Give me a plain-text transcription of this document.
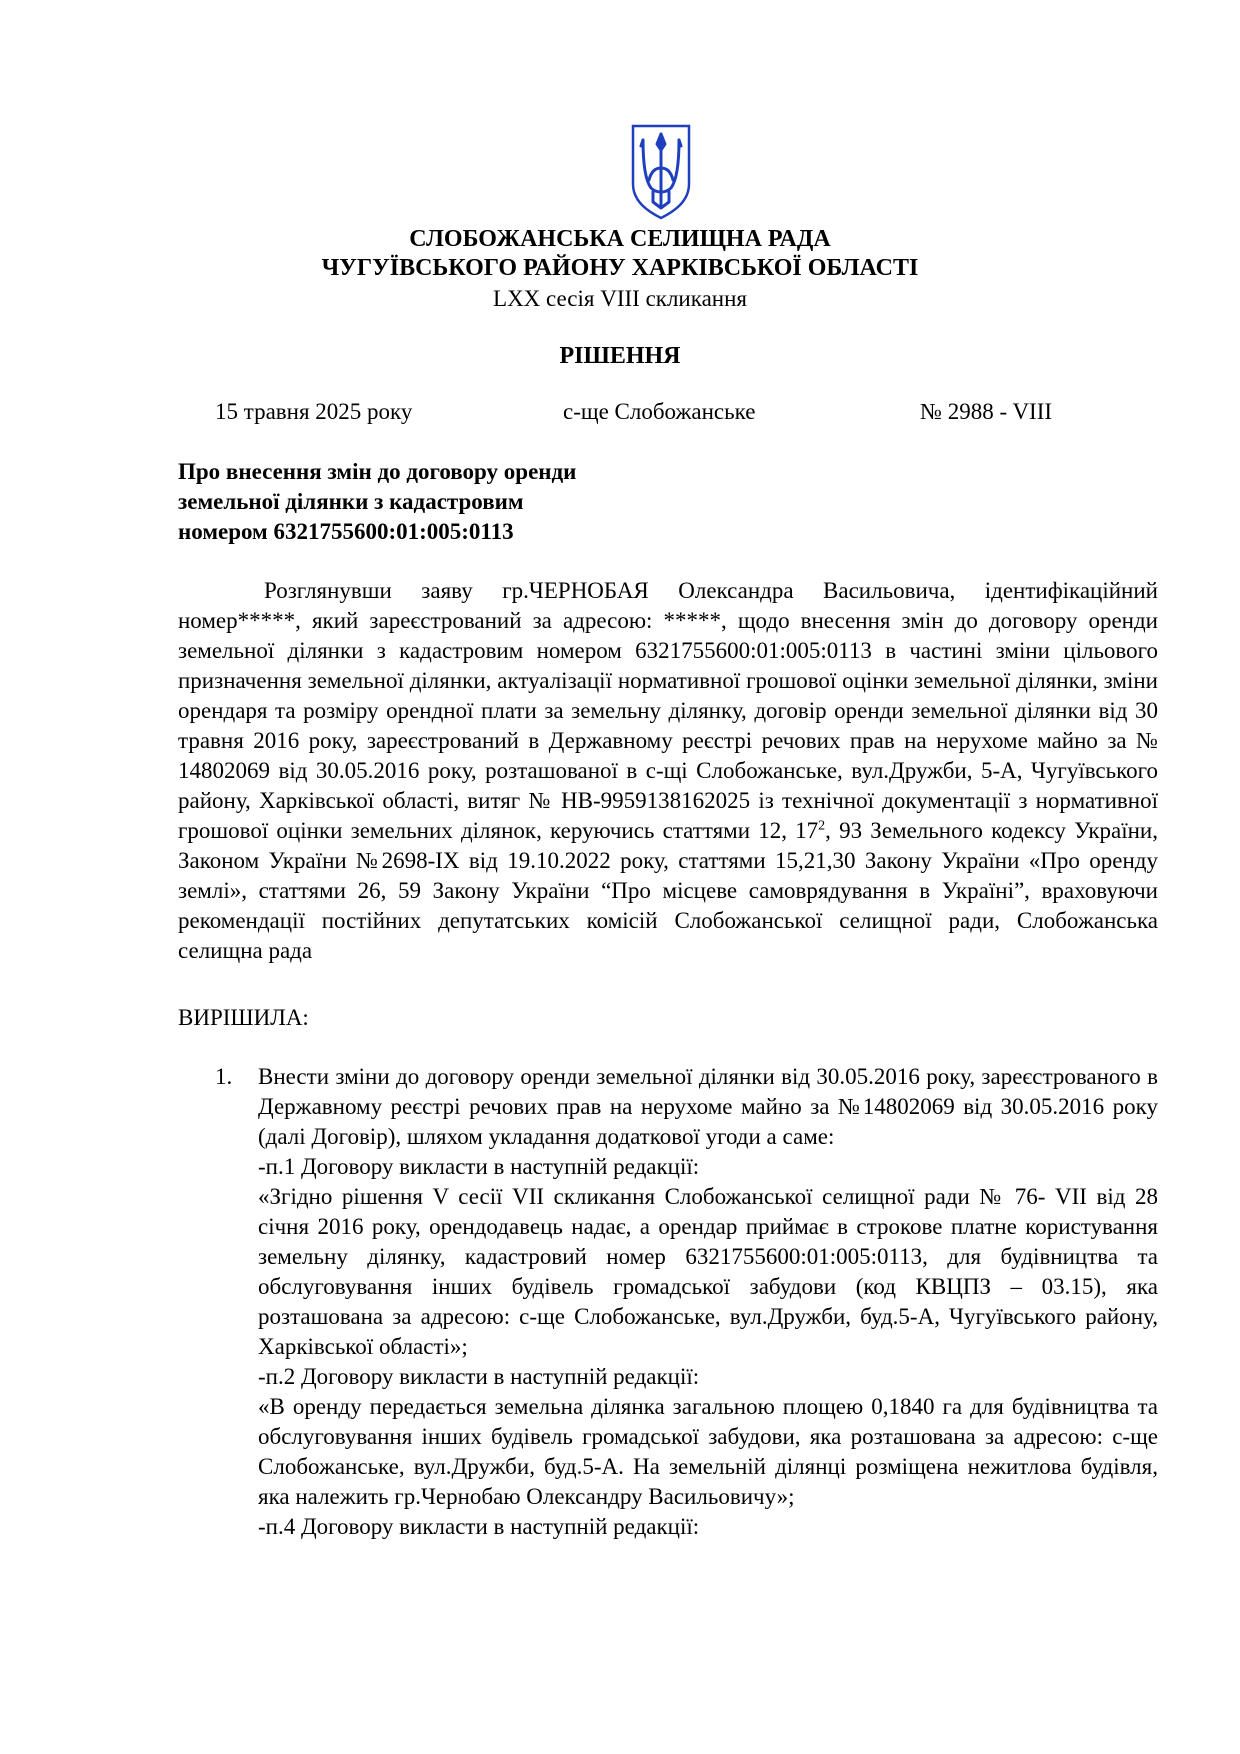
СЛОБОЖАНСЬКА СЕЛИЩНА РАДА
ЧУГУЇВСЬКОГО РАЙОНУ ХАРКІВСЬКОЇ ОБЛАСТІ
LXX сесія VIII скликання
РІШЕННЯ
15 травня 2025 року	с-ще Слобожанське	№ 2988 - VIII
Про внесення змін до договору оренди
земельної ділянки з кадастровим
номером 6321755600:01:005:0113

Розглянувши заяву гр.ЧЕРНОБАЯ Олександра Васильовича, ідентифікаційний номер*****, який зареєстрований за адресою: *****, щодо внесення змін до договору оренди земельної ділянки з кадастровим номером 6321755600:01:005:0113 в частині зміни цільового призначення земельної ділянки, актуалізації нормативної грошової оцінки земельної ділянки, зміни орендаря та розміру орендної плати за земельну ділянку, договір оренди земельної ділянки від 30 травня 2016 року, зареєстрований в Державному реєстрі речових прав на нерухоме майно за № 14802069 від 30.05.2016 року, розташованої в с-щі Слобожанське, вул.Дружби, 5-А, Чугуївського району, Харківської області, витяг № НВ-9959138162025 із технічної документації з нормативної грошової оцінки земельних ділянок, керуючись статтями 12, $17^2$, 93 Земельного кодексу України, Законом України №2698-IX від 19.10.2022 року, статтями 15,21,30 Закону України «Про оренду землі», статтями 26, 59 Закону України “Про місцеве самоврядування в Україні”, враховуючи рекомендації постійних депутатських комісій Слобожанської селищної ради, Слобожанська селищна рада

ВИРІШИЛА:
1. Внести зміни до договору оренди земельної ділянки від 30.05.2016 року, зареєстрованого в Державному реєстрі речових прав на нерухоме майно за №14802069 від 30.05.2016 року (далі Договір), шляхом укладання додаткової угоди а саме:

-п.1 Договору викласти в наступній редакції:

«Згідно рішення V сесії VII скликання Слобожанської селищної ради № 76- VII від 28 січня 2016 року, орендодавець надає, а орендар приймає в строкове платне користування земельну ділянку, кадастровий номер 6321755600:01:005:0113, для будівництва та обслуговування інших будівель громадської забудови (код КВЦПЗ – 03.15), яка розташована за адресою: с-ще Слобожанське, вул.Дружби, буд.5-А, Чугуївського району, Харківської області»;

-п.2 Договору викласти в наступній редакції:

«В оренду передається земельна ділянка загальною площею 0,1840 га для будівництва та обслуговування інших будівель громадської забудови, яка розташована за адресою: с-ще Слобожанське, вул.Дружби, буд.5-А. На земельній ділянці розміщена нежитлова будівля, яка належить гр.Чернобаю Олександру Васильовичу»;

-п.4 Договору викласти в наступній редакції:
